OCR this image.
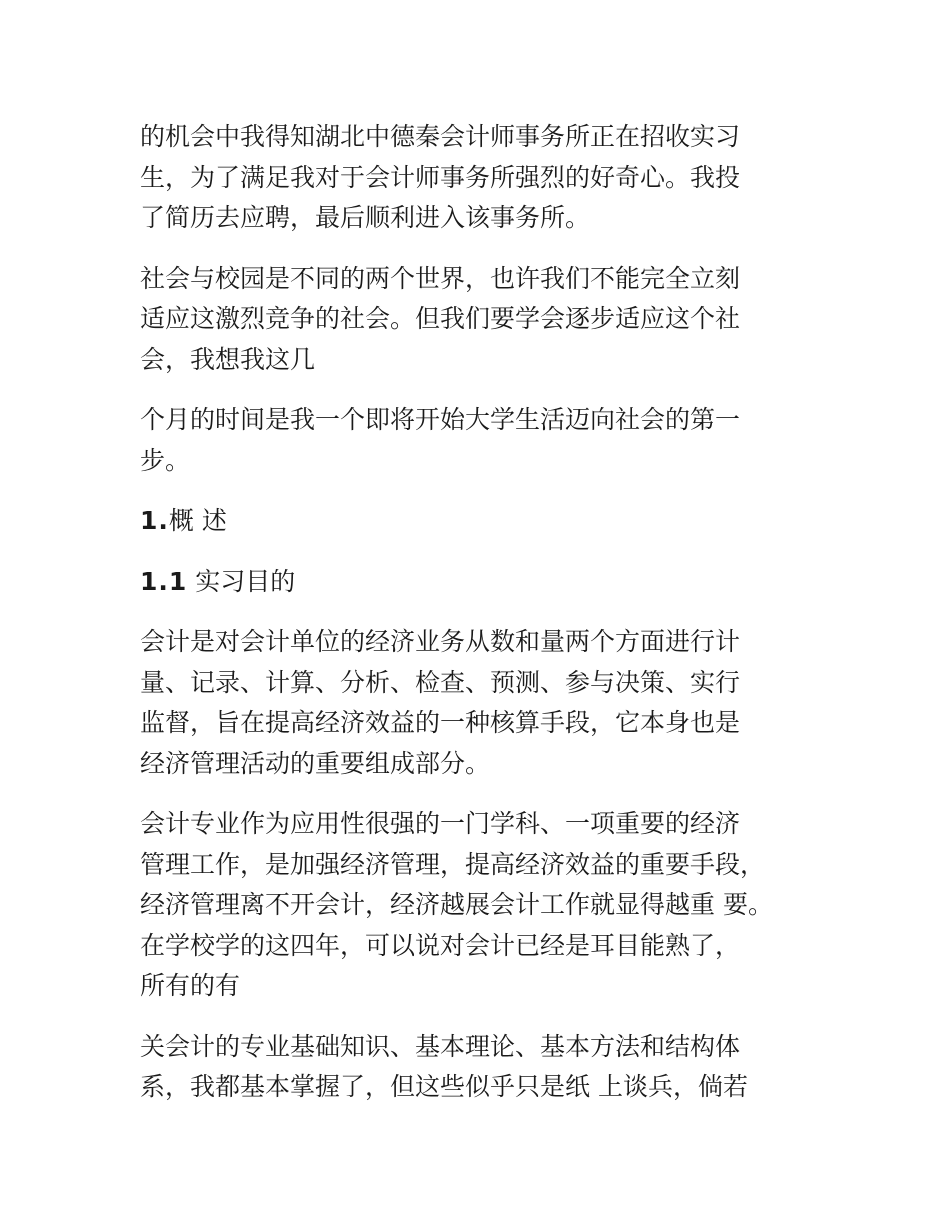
的机会中我得知湖北中德秦会计师事务所正在招收实习
生，为了满足我对于会计师事务所强烈的好奇心。我投
了简历去应聘，最后顺利进入该事务所。
社会与校园是不同的两个世界，也许我们不能完全立刻
适应这激烈竞争的社会。但我们要学会逐步适应这个社
会，我想我这几
个月的时间是我一个即将开始大学生活迈向社会的第一
步。
1.概 述
1.1 实习目的
会计是对会计单位的经济业务从数和量两个方面进行计
量、记录、计算、分析、检查、预测、参与决策、实行
监督，旨在提高经济效益的一种核算手段，它本身也是
经济管理活动的重要组成部分。
会计专业作为应用性很强的一门学科、一项重要的经济
管理工作，是加强经济管理，提高经济效益的重要手段，
经济管理离不开会计，经济越展会计工作就显得越重 要。
在学校学的这四年，可以说对会计已经是耳目能熟了，
所有的有
关会计的专业基础知识、基本理论、基本方法和结构体
系，我都基本掌握了，但这些似乎只是纸 上谈兵，倘若
